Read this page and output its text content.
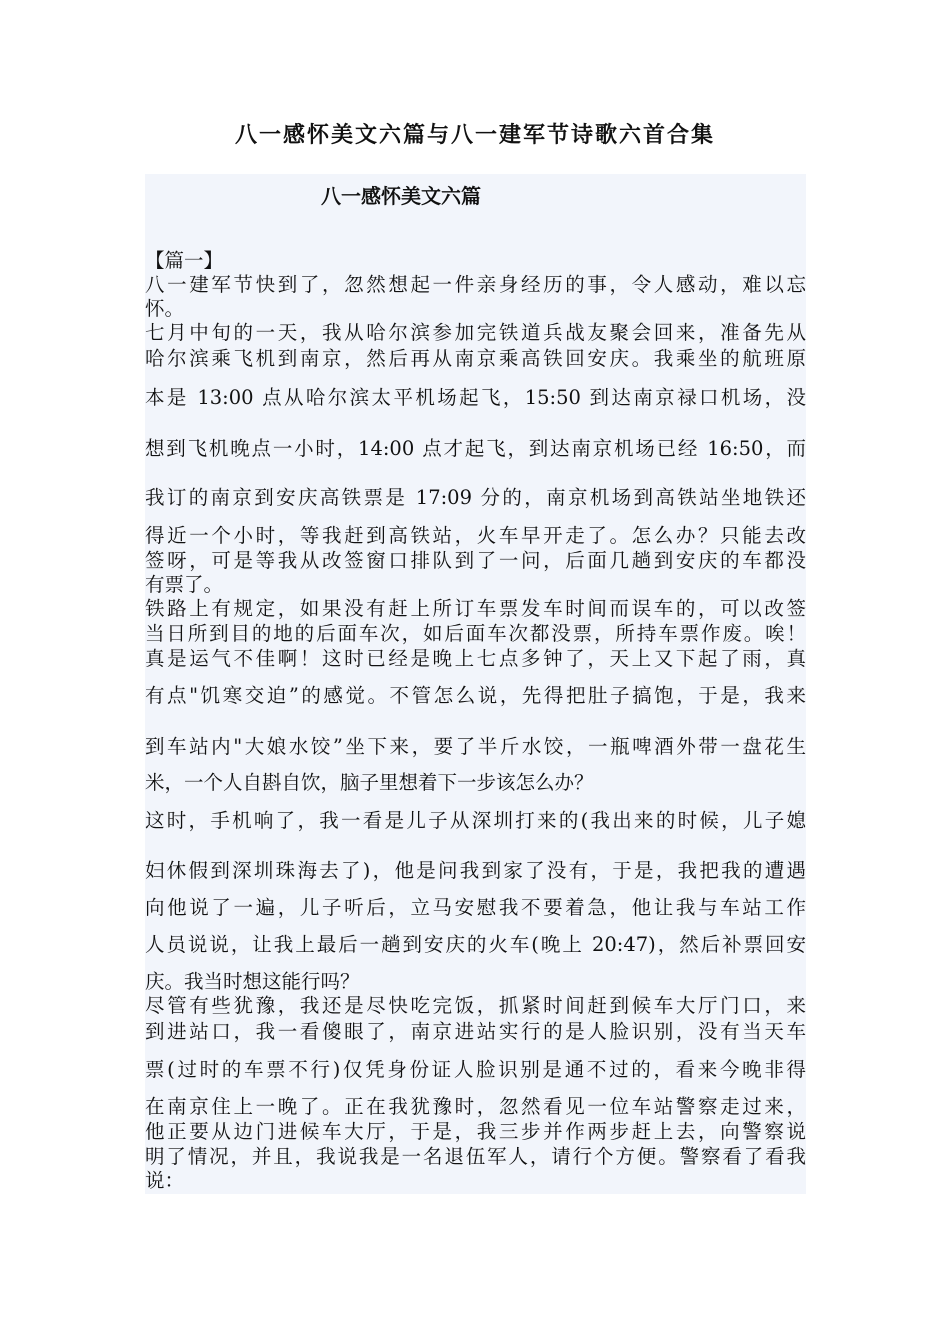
八一感怀美文六篇与八一建军节诗歌六首合集
八一感怀美文六篇
【篇一】
八一建军节快到了，忽然想起一件亲身经历的事，令人感动，难以忘
怀。
七月中旬的一天，我从哈尔滨参加完铁道兵战友聚会回来，准备先从
哈尔滨乘飞机到南京，然后再从南京乘高铁回安庆。我乘坐的航班原
本是 13:00 点从哈尔滨太平机场起飞，15:50 到达南京禄口机场，没
想到飞机晚点一小时，14:00 点才起飞，到达南京机场已经 16:50，而
我订的南京到安庆高铁票是 17:09 分的，南京机场到高铁站坐地铁还
得近一个小时，等我赶到高铁站，火车早开走了。怎么办？只能去改
签呀，可是等我从改签窗口排队到了一问，后面几趟到安庆的车都没
有票了。
铁路上有规定，如果没有赶上所订车票发车时间而误车的，可以改签
当日所到目的地的后面车次，如后面车次都没票，所持车票作废。唉！
真是运气不佳啊！这时已经是晚上七点多钟了，天上又下起了雨，真
有点"饥寒交迫”的感觉。不管怎么说，先得把肚子搞饱，于是，我来
到车站内"大娘水饺”坐下来，要了半斤水饺，一瓶啤酒外带一盘花生
米，一个人自斟自饮，脑子里想着下一步该怎么办？
这时，手机响了，我一看是儿子从深圳打来的(我出来的时候，儿子媳
妇休假到深圳珠海去了)，他是问我到家了没有，于是，我把我的遭遇
向他说了一遍，儿子听后，立马安慰我不要着急，他让我与车站工作
人员说说，让我上最后一趟到安庆的火车(晚上 20:47)，然后补票回安
庆。我当时想这能行吗？
尽管有些犹豫，我还是尽快吃完饭，抓紧时间赶到候车大厅门口，来
到进站口，我一看傻眼了，南京进站实行的是人脸识别，没有当天车
票(过时的车票不行)仅凭身份证人脸识别是通不过的，看来今晚非得
在南京住上一晚了。正在我犹豫时，忽然看见一位车站警察走过来，
他正要从边门进候车大厅，于是，我三步并作两步赶上去，向警察说
明了情况，并且，我说我是一名退伍军人，请行个方便。警察看了看我
说：
